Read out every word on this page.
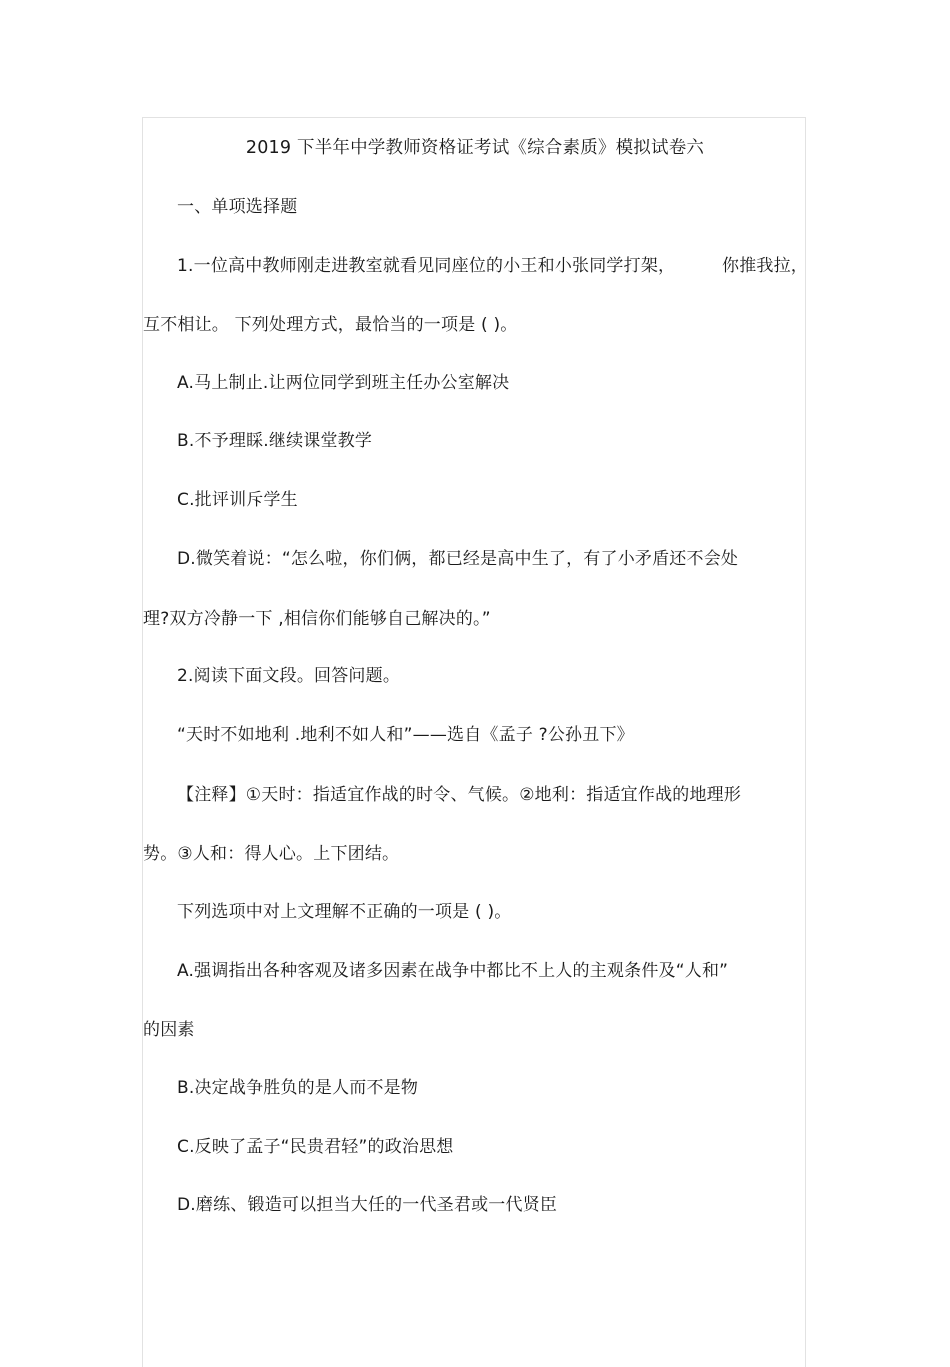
2019 下半年中学教师资格证考试《综合素质》模拟试卷六
一、单项选择题
1.一位高中教师刚走进教室就看见同座位的小王和小张同学打架，	你推我拉，
互不相让。 下列处理方式，最恰当的一项是 ( )。
A.马上制止.让两位同学到班主任办公室解决
B.不予理睬.继续课堂教学
C.批评训斥学生
D.微笑着说：“怎么啦，你们俩，都已经是高中生了，有了小矛盾还不会处
理?双方冷静一下 ,相信你们能够自己解决的。”
2.阅读下面文段。回答问题。
“天时不如地利 .地利不如人和”——选自《孟子 ?公孙丑下》
【注释】①天时：指适宜作战的时令、气候。②地利：指适宜作战的地理形
势。③人和：得人心。上下团结。
下列选项中对上文理解不正确的一项是 ( )。
A.强调指出各种客观及诸多因素在战争中都比不上人的主观条件及“人和”
的因素
B.决定战争胜负的是人而不是物
C.反映了孟子“民贵君轻”的政治思想
D.磨练、锻造可以担当大任的一代圣君或一代贤臣
